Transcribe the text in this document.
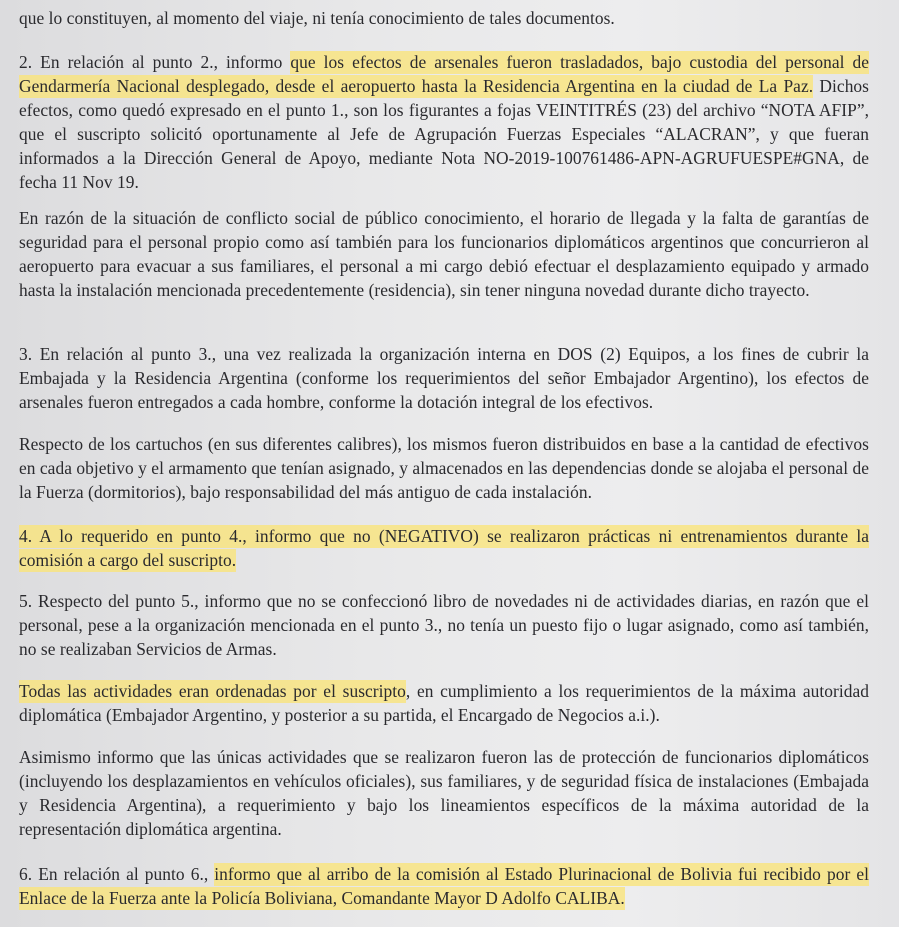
que lo constituyen, al momento del viaje, ni tenía conocimiento de tales documentos.

2. En relación al punto 2., informo que los efectos de arsenales fueron trasladados, bajo custodia del personal de Gendarmería Nacional desplegado, desde el aeropuerto hasta la Residencia Argentina en la ciudad de La Paz. Dichos efectos, como quedó expresado en el punto 1., son los figurantes a fojas VEINTITRÉS (23) del archivo “NOTA AFIP”, que el suscripto solicitó oportunamente al Jefe de Agrupación Fuerzas Especiales “ALACRAN”, y que fueran informados a la Dirección General de Apoyo, mediante Nota NO-2019-100761486-APN-AGRUFUESPE#GNA, de fecha 11 Nov 19.

En razón de la situación de conflicto social de público conocimiento, el horario de llegada y la falta de garantías de seguridad para el personal propio como así también para los funcionarios diplomáticos argentinos que concurrieron al aeropuerto para evacuar a sus familiares, el personal a mi cargo debió efectuar el desplazamiento equipado y armado hasta la instalación mencionada precedentemente (residencia), sin tener ninguna novedad durante dicho trayecto.

3. En relación al punto 3., una vez realizada la organización interna en DOS (2) Equipos, a los fines de cubrir la Embajada y la Residencia Argentina (conforme los requerimientos del señor Embajador Argentino), los efectos de arsenales fueron entregados a cada hombre, conforme la dotación integral de los efectivos.

Respecto de los cartuchos (en sus diferentes calibres), los mismos fueron distribuidos en base a la cantidad de efectivos en cada objetivo y el armamento que tenían asignado, y almacenados en las dependencias donde se alojaba el personal de la Fuerza (dormitorios), bajo responsabilidad del más antiguo de cada instalación.

4. A lo requerido en punto 4., informo que no (NEGATIVO) se realizaron prácticas ni entrenamientos durante la comisión a cargo del suscripto.

5. Respecto del punto 5., informo que no se confeccionó libro de novedades ni de actividades diarias, en razón que el personal, pese a la organización mencionada en el punto 3., no tenía un puesto fijo o lugar asignado, como así también, no se realizaban Servicios de Armas.

Todas las actividades eran ordenadas por el suscripto, en cumplimiento a los requerimientos de la máxima autoridad diplomática (Embajador Argentino, y posterior a su partida, el Encargado de Negocios a.i.).

Asimismo informo que las únicas actividades que se realizaron fueron las de protección de funcionarios diplomáticos (incluyendo los desplazamientos en vehículos oficiales), sus familiares, y de seguridad física de instalaciones (Embajada y Residencia Argentina), a requerimiento y bajo los lineamientos específicos de la máxima autoridad de la representación diplomática argentina.

6. En relación al punto 6., informo que al arribo de la comisión al Estado Plurinacional de Bolivia fui recibido por el Enlace de la Fuerza ante la Policía Boliviana, Comandante Mayor D Adolfo CALIBA.
